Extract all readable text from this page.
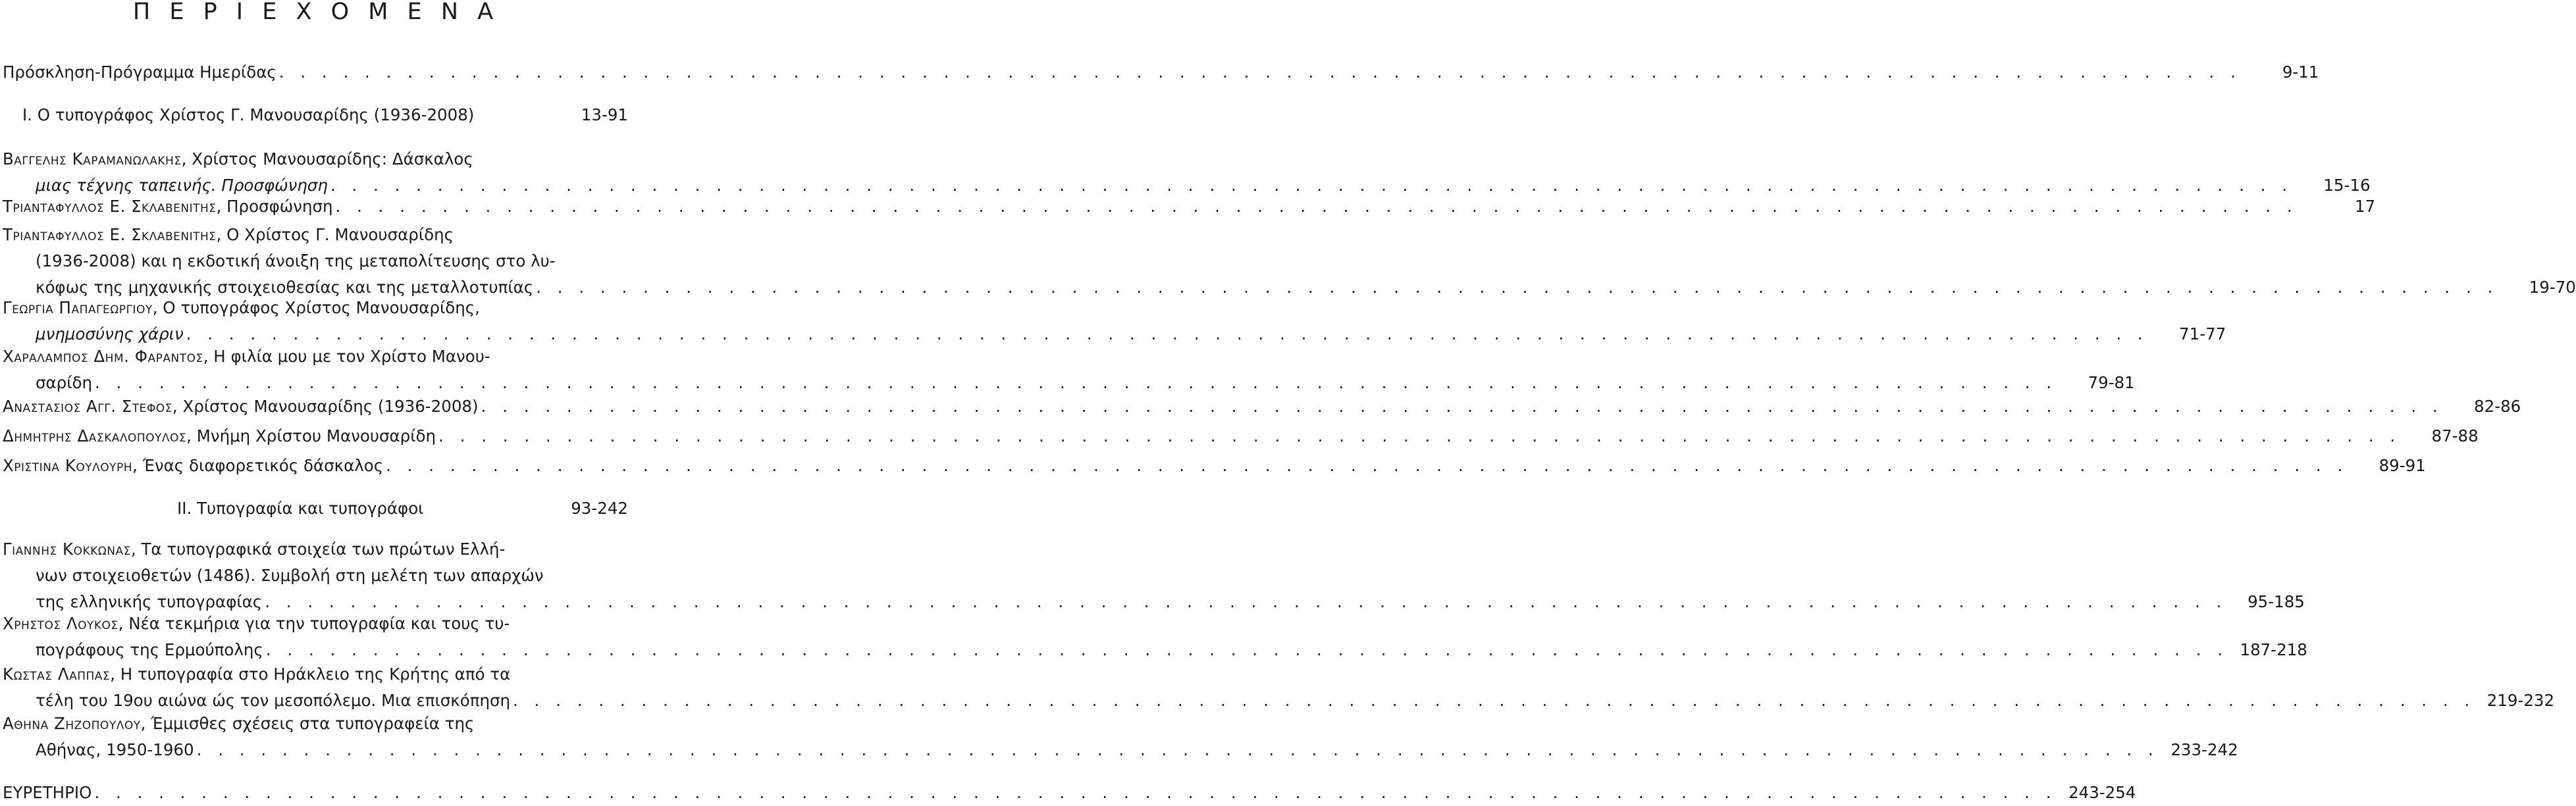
Π Ε Ρ Ι Ε Χ Ο Μ Ε Ν Α
Πρόσκληση-Πρόγραμμα Ημερίδας . . . . . . . . . . . . . . . . . . . . . . . . . . . . . . . . . . . . . . . . . . . . . . . . . . . . . . . . . . . . . . . . . . . . . . . . . . . . . . . . . . . . . . . . . . . .	9-11
I. Ο τυπογράφος Χρίστος Γ. Μανουσαρίδης (1936-2008)	13-91
Βαγγελης Καραμανωλακης, Χρίστος Μανουσαρίδης: Δάσκαλος
μιας τέχνης ταπεινής. Προσφώνηση . . . . . . . . . . . . . . . . . . . . . . . . . . . . . . . . . . . . . . . . . . . . . . . . . . . . . . . . . . . . . . . . . . . . . . . . . . . . . . . . . . . . . . . . . . . .	15-16
Τριανταφυλλος Ε. Σκλαβενιτης, Προσφώνηση . . . . . . . . . . . . . . . . . . . . . . . . . . . . . . . . . . . . . . . . . . . . . . . . . . . . . . . . . . . . . . . . . . . . . . . . . . . . . . . . . . . . . . . . . . . .	17
Τριανταφυλλος Ε. Σκλαβενιτης, Ο Χρίστος Γ. Μανουσαρίδης
(1936-2008) και η εκδοτική άνοιξη της μεταπολίτευσης στο λυ-
κόφως της μηχανικής στοιχειοθεσίας και της μεταλλοτυπίας . . . . . . . . . . . . . . . . . . . . . . . . . . . . . . . . . . . . . . . . . . . . . . . . . . . . . . . . . . . . . . . . . . . . . . . . . . . . . . . . . . . . . . . . . . . .	19-70
Γεωργια Παπαγεωργιου, Ο τυπογράφος Χρίστος Μανουσαρίδης,
μνημοσύνης χάριν . . . . . . . . . . . . . . . . . . . . . . . . . . . . . . . . . . . . . . . . . . . . . . . . . . . . . . . . . . . . . . . . . . . . . . . . . . . . . . . . . . . . . . . . . . . .	71-77
Χαραλαμπος Δημ. Φαραντος, Η φιλία μου με τον Χρίστο Μανου-
σαρίδη . . . . . . . . . . . . . . . . . . . . . . . . . . . . . . . . . . . . . . . . . . . . . . . . . . . . . . . . . . . . . . . . . . . . . . . . . . . . . . . . . . . . . . . . . . . .	79-81
Αναστασιος Αγγ. Στεφος, Χρίστος Μανουσαρίδης (1936-2008) . . . . . . . . . . . . . . . . . . . . . . . . . . . . . . . . . . . . . . . . . . . . . . . . . . . . . . . . . . . . . . . . . . . . . . . . . . . . . . . . . . . . . . . . . . . .	82-86
Δημητρης Δασκαλοπουλος, Μνήμη Χρίστου Μανουσαρίδη . . . . . . . . . . . . . . . . . . . . . . . . . . . . . . . . . . . . . . . . . . . . . . . . . . . . . . . . . . . . . . . . . . . . . . . . . . . . . . . . . . . . . . . . . . . .	87-88
Χριστινα Κουλουρη, Ένας διαφορετικός δάσκαλος . . . . . . . . . . . . . . . . . . . . . . . . . . . . . . . . . . . . . . . . . . . . . . . . . . . . . . . . . . . . . . . . . . . . . . . . . . . . . . . . . . . . . . . . . . . .	89-91
II. Τυπογραφία και τυπογράφοι	93-242
Γιαννης Κοκκωνας, Τα τυπογραφικά στοιχεία των πρώτων Ελλή-
νων στοιχειοθετών (1486). Συμβολή στη μελέτη των απαρχών
της ελληνικής τυπογραφίας . . . . . . . . . . . . . . . . . . . . . . . . . . . . . . . . . . . . . . . . . . . . . . . . . . . . . . . . . . . . . . . . . . . . . . . . . . . . . . . . . . . . . . . . . . . .	95-185
Χρηστος Λουκος, Νέα τεκμήρια για την τυπογραφία και τους τυ-
πογράφους της Ερμούπολης . . . . . . . . . . . . . . . . . . . . . . . . . . . . . . . . . . . . . . . . . . . . . . . . . . . . . . . . . . . . . . . . . . . . . . . . . . . . . . . . . . . . . . . . . . . . 187-218
Κωστας Λαππας, Η τυπογραφία στο Ηράκλειο της Κρήτης από τα
τέλη του 19ου αιώνα ώς τον μεσοπόλεμο. Μια επισκόπηση . . . . . . . . . . . . . . . . . . . . . . . . . . . . . . . . . . . . . . . . . . . . . . . . . . . . . . . . . . . . . . . . . . . . . . . . . . . . . . . . . . . . . . . . . . . . 219-232
Αθηνα Ζηζοπουλου, Έμμισθες σχέσεις στα τυπογραφεία της
Αθήνας, 1950-1960 . . . . . . . . . . . . . . . . . . . . . . . . . . . . . . . . . . . . . . . . . . . . . . . . . . . . . . . . . . . . . . . . . . . . . . . . . . . . . . . . . . . . . . . . . . . . 233-242
ΕΥΡΕΤΗΡΙΟ . . . . . . . . . . . . . . . . . . . . . . . . . . . . . . . . . . . . . . . . . . . . . . . . . . . . . . . . . . . . . . . . . . . . . . . . . . . . . . . . . . . . . . . . . . . . 243-254
